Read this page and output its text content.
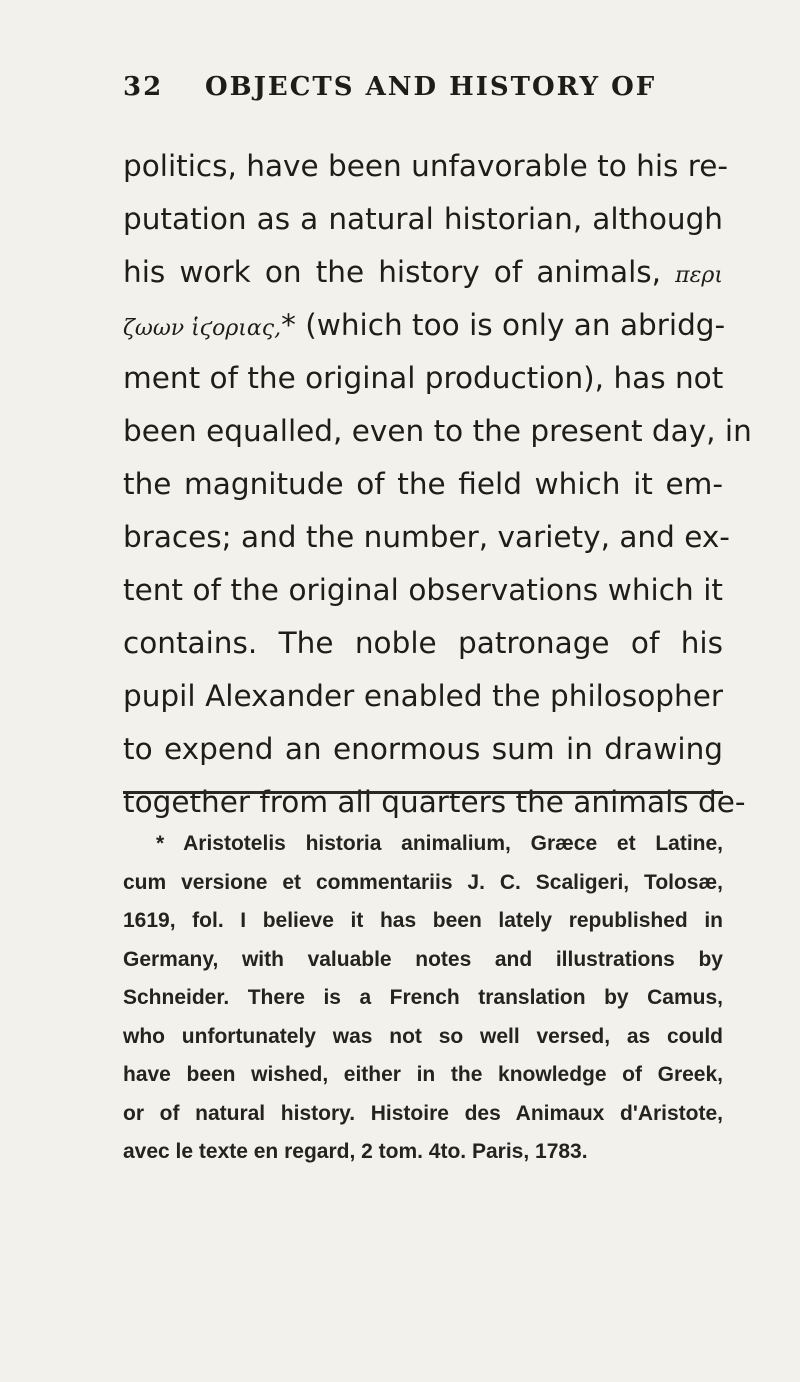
32 OBJECTS AND HISTORY OF
politics, have been unfavorable to his re-
putation as a natural historian, although
his work on the history of animals, περι
ζωων ἱϛοριας,* (which too is only an abridg-
ment of the original production), has not
been equalled, even to the present day, in
the magnitude of the field which it em-
braces; and the number, variety, and ex-
tent of the original observations which it
contains. The noble patronage of his
pupil Alexander enabled the philosopher
to expend an enormous sum in drawing
together from all quarters the animals de-
* Aristotelis historia animalium, Græce et Latine,
cum versione et commentariis J. C. Scaligeri, Tolosæ,
1619, fol. I believe it has been lately republished in
Germany, with valuable notes and illustrations by
Schneider. There is a French translation by Camus,
who unfortunately was not so well versed, as could
have been wished, either in the knowledge of Greek,
or of natural history. Histoire des Animaux d'Aristote,
avec le texte en regard, 2 tom. 4to. Paris, 1783.
